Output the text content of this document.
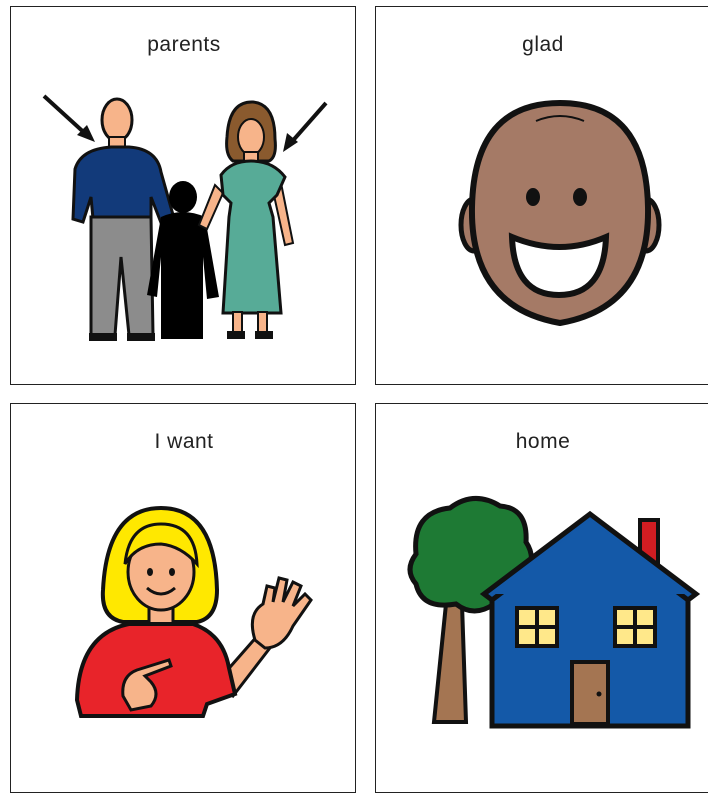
parents	glad
I want	home
